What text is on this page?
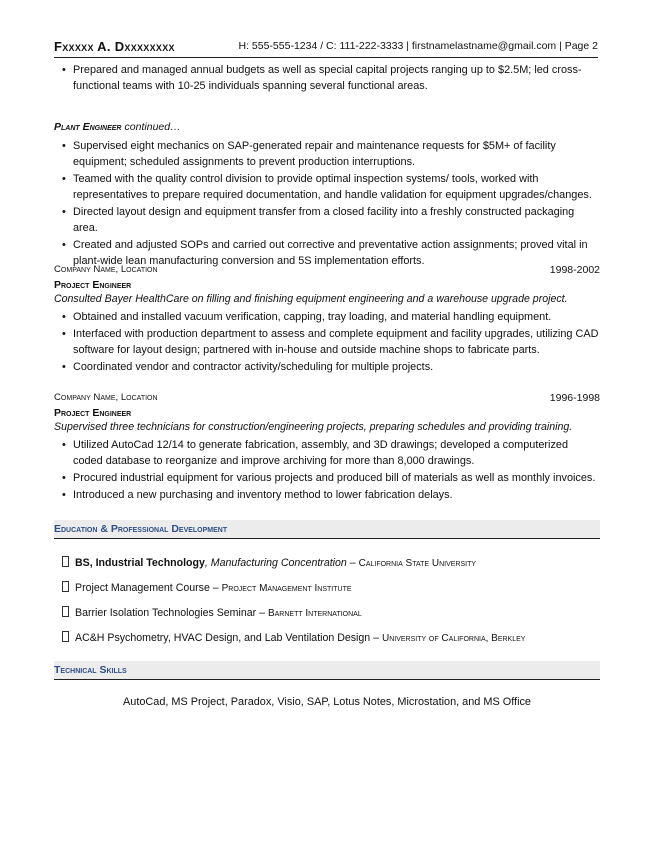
Fxxxxx A. Dxxxxxxxx	H: 555-555-1234 / C: 111-222-3333 | firstnamelastname@gmail.com | Page 2
• Prepared and managed annual budgets as well as special capital projects ranging up to $2.5M; led cross-functional teams with 10-25 individuals spanning several functional areas.
Plant Engineer continued…
• Supervised eight mechanics on SAP-generated repair and maintenance requests for $5M+ of facility equipment; scheduled assignments to prevent production interruptions.
• Teamed with the quality control division to provide optimal inspection systems/ tools, worked with representatives to prepare required documentation, and handle validation for equipment upgrades/changes.
• Directed layout design and equipment transfer from a closed facility into a freshly constructed packaging area.
• Created and adjusted SOPs and carried out corrective and preventative action assignments; proved vital in plant-wide lean manufacturing conversion and 5S implementation efforts.
Company Name, Location	1998-2002
Project Engineer
Consulted Bayer HealthCare on filling and finishing equipment engineering and a warehouse upgrade project.
• Obtained and installed vacuum verification, capping, tray loading, and material handling equipment.
• Interfaced with production department to assess and complete equipment and facility upgrades, utilizing CAD software for layout design; partnered with in-house and outside machine shops to fabricate parts.
• Coordinated vendor and contractor activity/scheduling for multiple projects.
Company Name, Location	1996-1998
Project Engineer
Supervised three technicians for construction/engineering projects, preparing schedules and providing training.
• Utilized AutoCad 12/14 to generate fabrication, assembly, and 3D drawings; developed a computerized coded database to reorganize and improve archiving for more than 8,000 drawings.
• Procured industrial equipment for various projects and produced bill of materials as well as monthly invoices.
• Introduced a new purchasing and inventory method to lower fabrication delays.
Education & Professional Development
BS, Industrial Technology, Manufacturing Concentration – California State University
Project Management Course – Project Management Institute
Barrier Isolation Technologies Seminar – Barnett International
AC&H Psychometry, HVAC Design, and Lab Ventilation Design – University of California, Berkley
Technical Skills
AutoCad, MS Project, Paradox, Visio, SAP, Lotus Notes, Microstation, and MS Office
